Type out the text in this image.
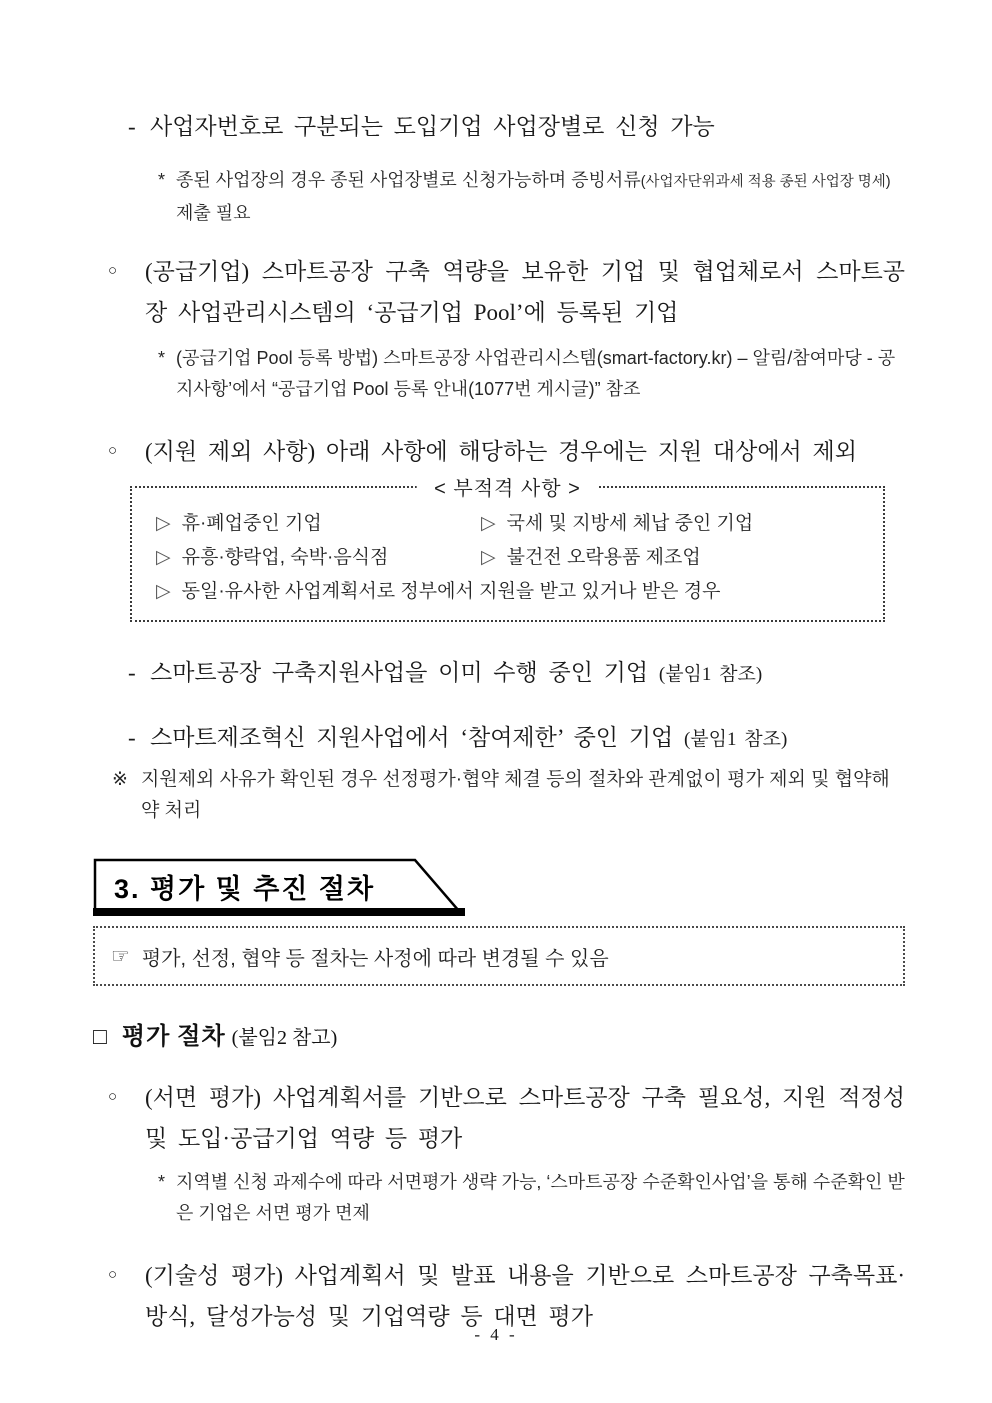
- 사업자번호로 구분되는 도입기업 사업장별로 신청 가능
* 종된 사업장의 경우 종된 사업장별로 신청가능하며 증빙서류(사업자단위과세 적용 종된 사업장 명세) 제출 필요
○	(공급기업) 스마트공장 구축 역량을 보유한 기업 및 협업체로서 스마트공장 사업관리시스템의 ‘공급기업 Pool’에 등록된 기업
* (공급기업 Pool 등록 방법) 스마트공장 사업관리시스템(smart-factory.kr) – 알림/참여마당 - 공지사항’에서 “공급기업 Pool 등록 안내(1077번 게시글)” 참조
○	(지원 제외 사항) 아래 사항에 해당하는 경우에는 지원 대상에서 제외
< 부적격 사항 >
▷ 휴·폐업중인 기업	▷ 국세 및 지방세 체납 중인 기업
▷ 유흥·향락업, 숙박·음식점	▷ 불건전 오락용품 제조업
▷ 동일·유사한 사업계획서로 정부에서 지원을 받고 있거나 받은 경우
- 스마트공장 구축지원사업을 이미 수행 중인 기업 (붙임1 참조)
- 스마트제조혁신 지원사업에서 ‘참여제한’ 중인 기업 (붙임1 참조)
※ 지원제외 사유가 확인된 경우 선정평가·협약 체결 등의 절차와 관계없이 평가 제외 및 협약해약 처리
3. 평가 및 추진 절차
☞ 평가, 선정, 협약 등 절차는 사정에 따라 변경될 수 있음
□ 평가 절차 (붙임2 참고)
○	(서면 평가) 사업계획서를 기반으로 스마트공장 구축 필요성, 지원 적정성 및 도입·공급기업 역량 등 평가
* 지역별 신청 과제수에 따라 서면평가 생략 가능, ‘스마트공장 수준확인사업’을 통해 수준확인 받은 기업은 서면 평가 면제
○	(기술성 평가) 사업계획서 및 발표 내용을 기반으로 스마트공장 구축목표·방식, 달성가능성 및 기업역량 등 대면 평가
- 4 -
